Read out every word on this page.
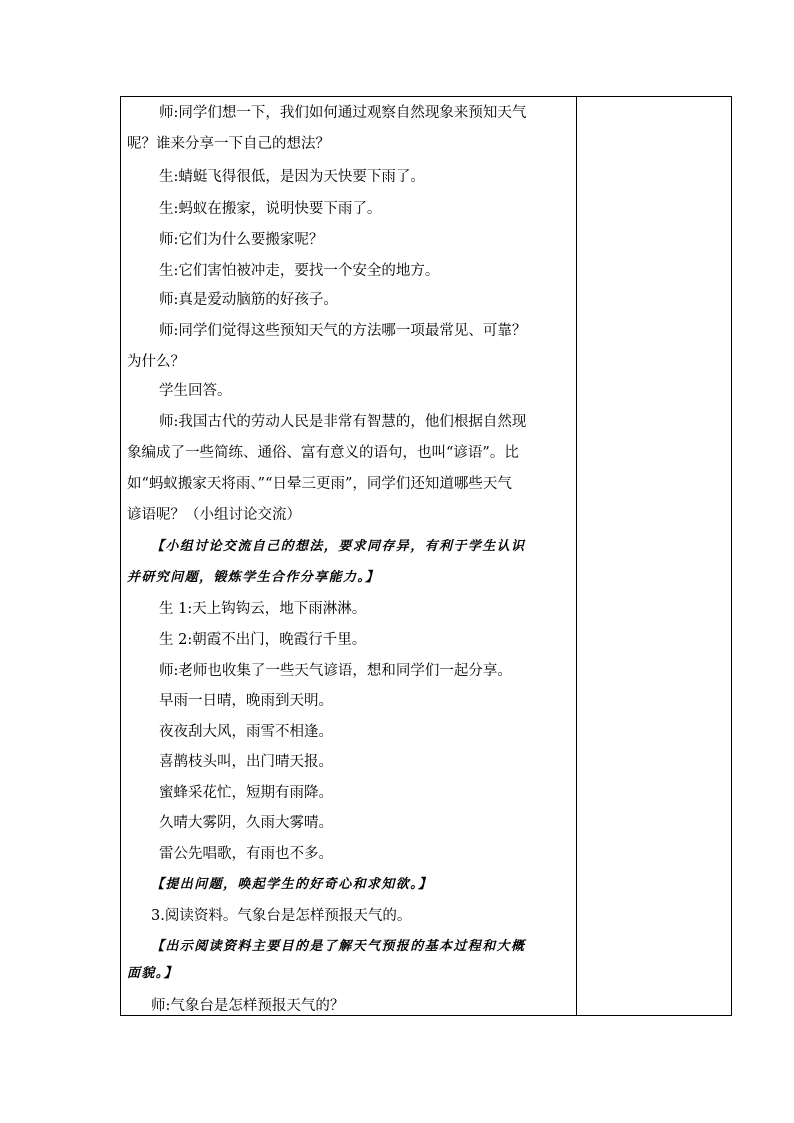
师:同学们想一下，我们如何通过观察自然现象来预知天气
呢？谁来分享一下自己的想法？
生:蜻蜓飞得很低，是因为天快要下雨了。
生:蚂蚁在搬家，说明快要下雨了。
师:它们为什么要搬家呢？
生:它们害怕被冲走，要找一个安全的地方。
师:真是爱动脑筋的好孩子。
师:同学们觉得这些预知天气的方法哪一项最常见、可靠？
为什么？
学生回答。
师:我国古代的劳动人民是非常有智慧的，他们根据自然现
象编成了一些简练、通俗、富有意义的语句，也叫“谚语”。比
如“蚂蚁搬家天将雨、”“日晕三更雨”，同学们还知道哪些天气
谚语呢？（小组讨论交流）
【小组讨论交流自己的想法，要求同存异，有利于学生认识
并研究问题，锻炼学生合作分享能力。】
生 1:天上钩钩云，地下雨淋淋。
生 2:朝霞不出门，晚霞行千里。
师:老师也收集了一些天气谚语，想和同学们一起分享。
早雨一日晴，晚雨到天明。
夜夜刮大风，雨雪不相逢。
喜鹊枝头叫，出门晴天报。
蜜蜂采花忙，短期有雨降。
久晴大雾阴，久雨大雾晴。
雷公先唱歌，有雨也不多。
【提出问题，唤起学生的好奇心和求知欲。】
3.阅读资料。气象台是怎样预报天气的。
【出示阅读资料主要目的是了解天气预报的基本过程和大概
面貌。】
师:气象台是怎样预报天气的？
